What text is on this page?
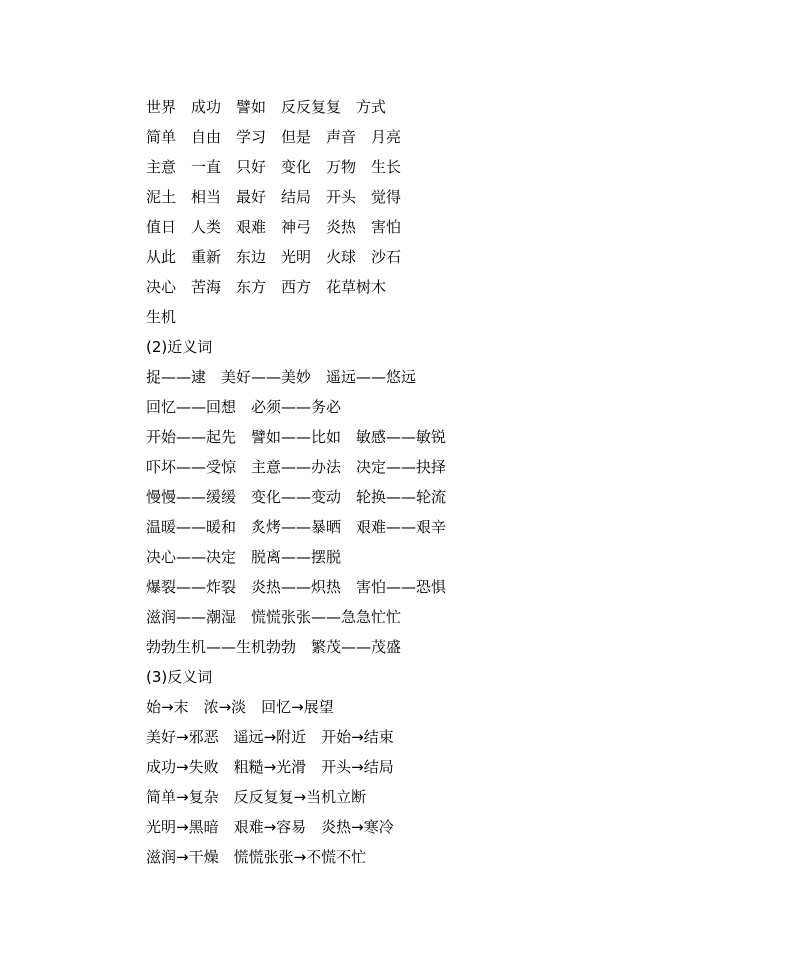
世界　成功　譬如　反反复复　方式
简单　自由　学习　但是　声音　月亮
主意　一直　只好　变化　万物　生长
泥土　相当　最好　结局　开头　觉得
值日　人类　艰难　神弓　炎热　害怕
从此　重新　东边　光明　火球　沙石
决心　苦海　东方　西方　花草树木
生机
(2)近义词
捉——逮　美好——美妙　遥远——悠远
回忆——回想　必须——务必
开始——起先　譬如——比如　敏感——敏锐
吓坏——受惊　主意——办法　决定——抉择
慢慢——缓缓　变化——变动　轮换——轮流
温暖——暖和　炙烤——暴晒　艰难——艰辛
决心——决定　脱离——摆脱
爆裂——炸裂　炎热——炽热　害怕——恐惧
滋润——潮湿　慌慌张张——急急忙忙
勃勃生机——生机勃勃　繁茂——茂盛
(3)反义词
始→末　浓→淡　回忆→展望
美好→邪恶　遥远→附近　开始→结束
成功→失败　粗糙→光滑　开头→结局
简单→复杂　反反复复→当机立断
光明→黑暗　艰难→容易　炎热→寒冷
滋润→干燥　慌慌张张→不慌不忙
